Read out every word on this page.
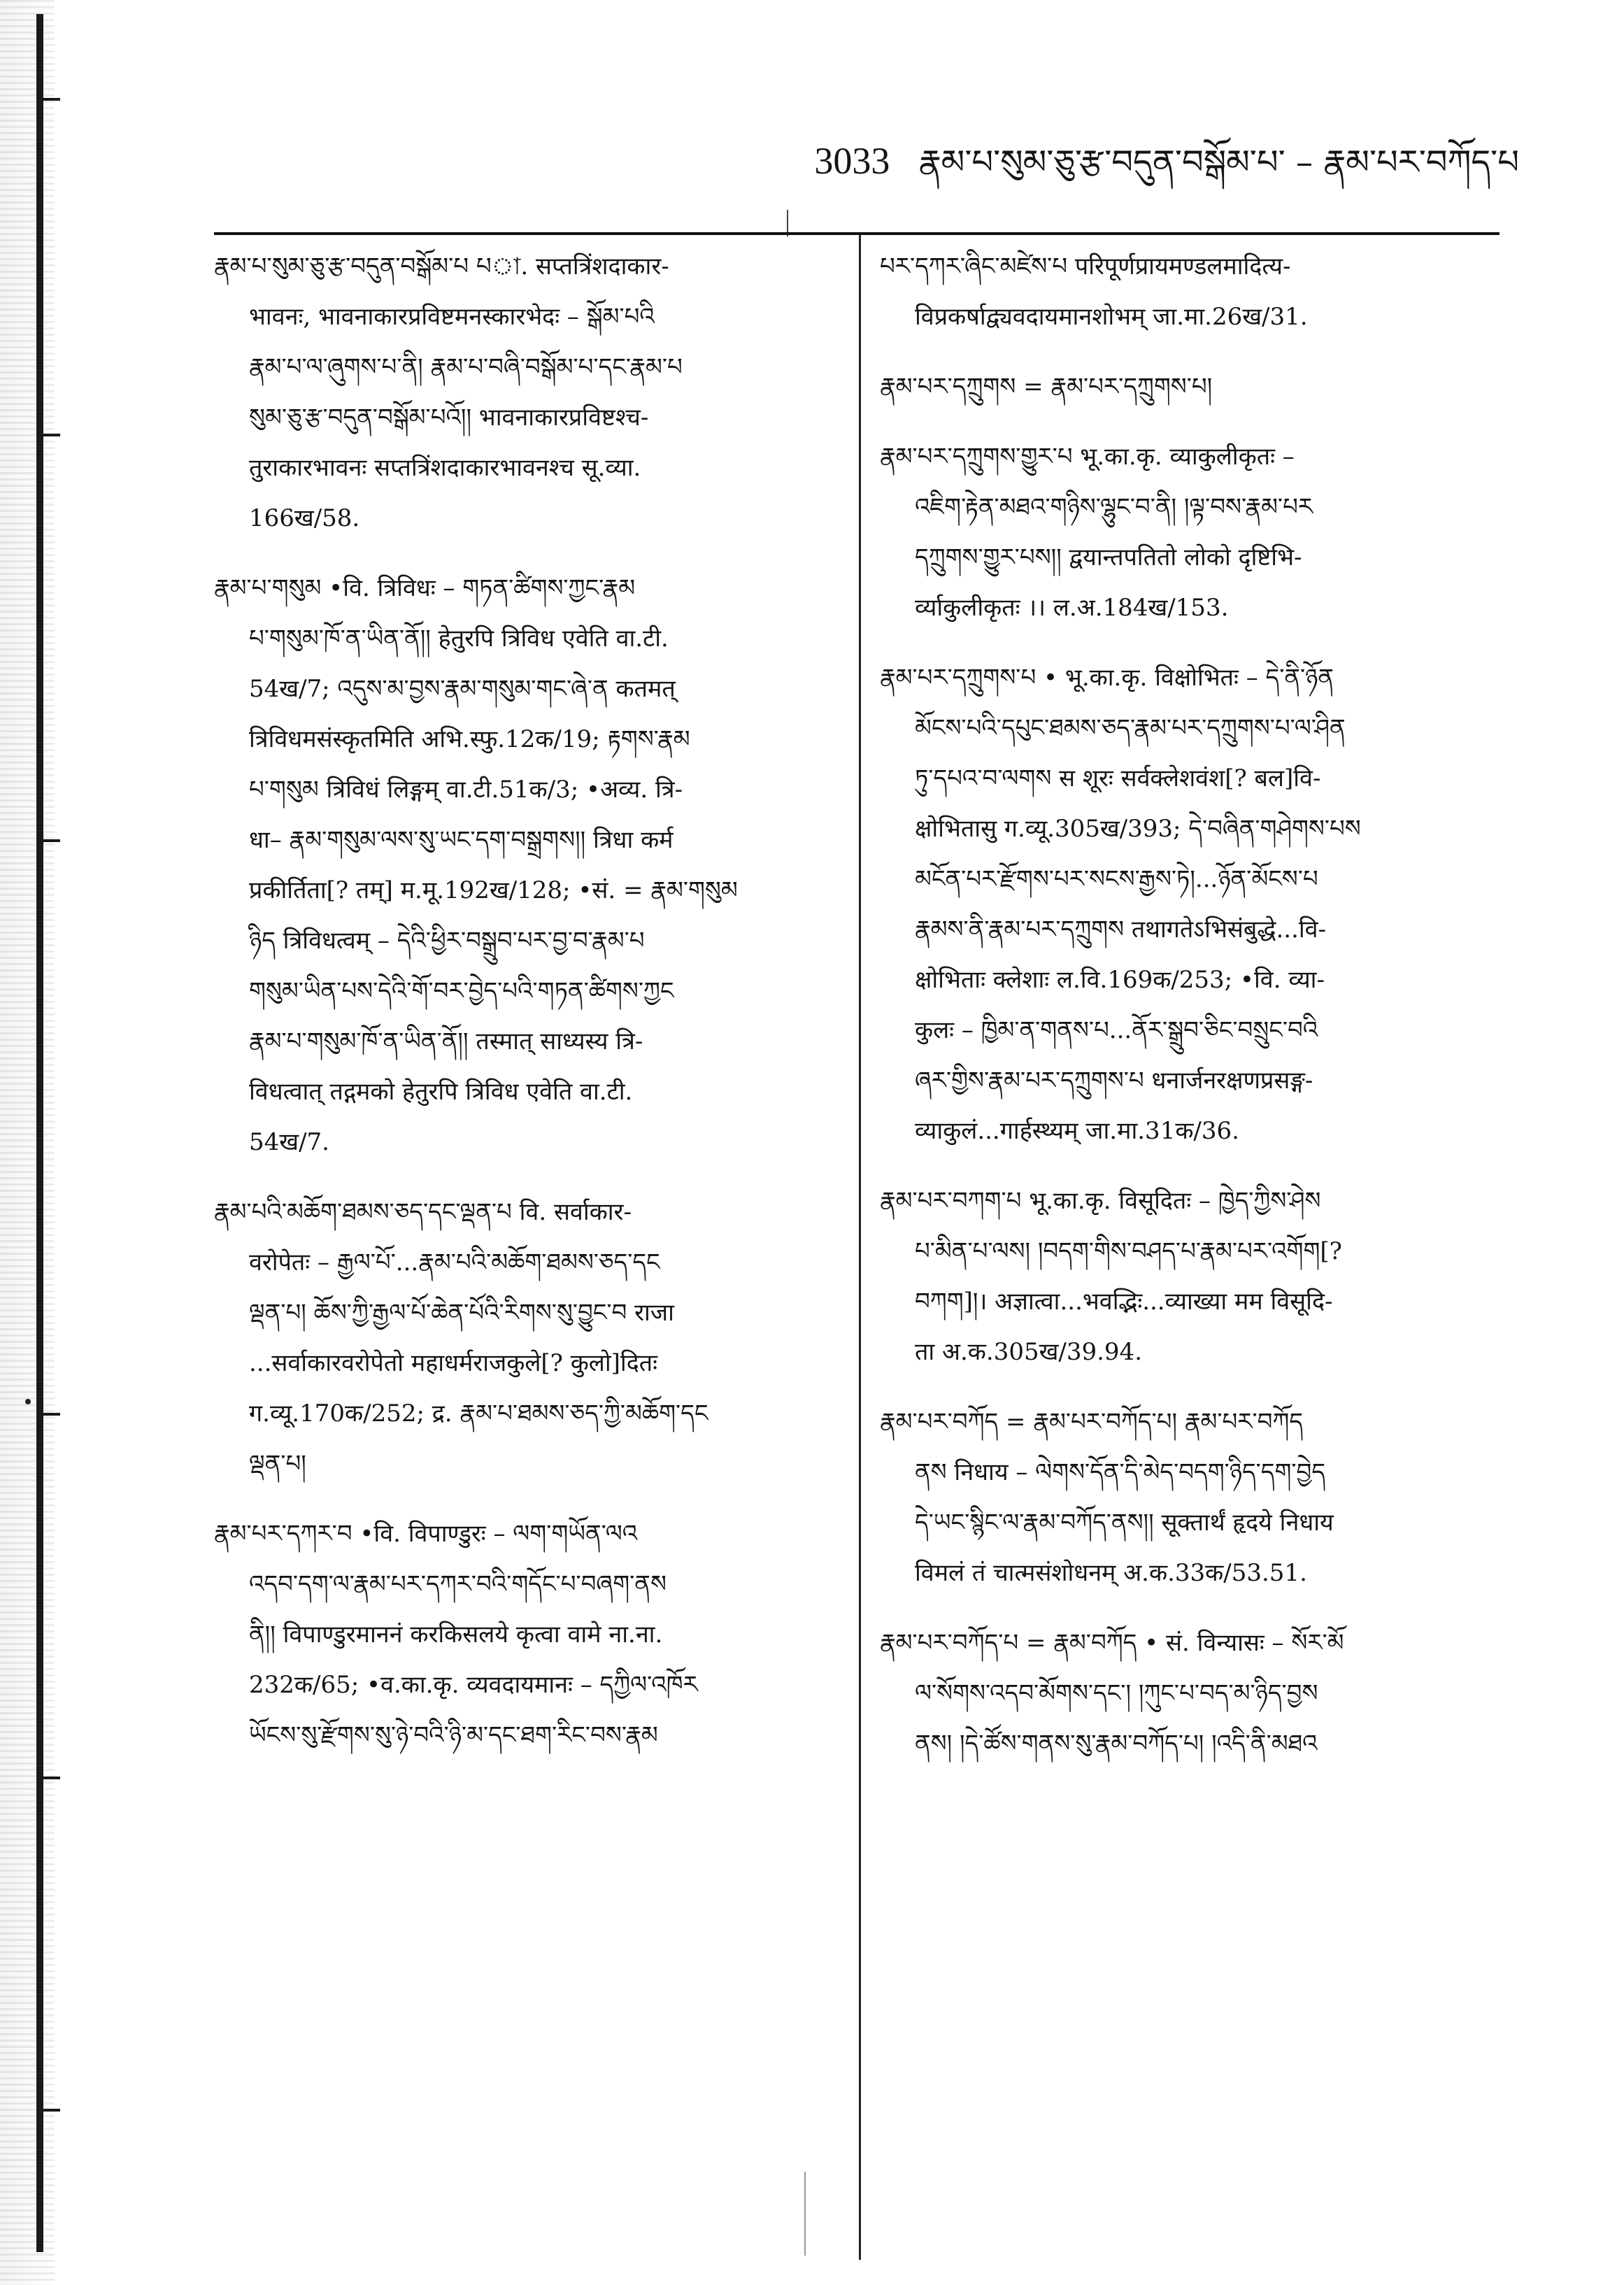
3033 རྣམ་པ་སུམ་ཅུ་རྩ་བདུན་བསྒོམ་པ་ – རྣམ་པར་བཀོད་པ
རྣམ་པ་སུམ་ཅུ་རྩ་བདུན་བསྒོམ་པ པা. सप्तत्रिंशदाकार-
भावनः, भावनाकारप्रविष्टमनस्कारभेदः – སྒོམ་པའི
རྣམ་པ་ལ་ཞུགས་པ་ནི། རྣམ་པ་བཞི་བསྒོམ་པ་དང་རྣམ་པ
སུམ་ཅུ་རྩ་བདུན་བསྒོམ་པའོ།། भावनाकारप्रविष्टश्च-
तुराकारभावनः सप्तत्रिंशदाकारभावनश्च सू.व्या.
166ख/58.
རྣམ་པ་གསུམ •वि. त्रिविधः – གཏན་ཚིགས་ཀྱང་རྣམ
པ་གསུམ་ཁོ་ན་ཡིན་ནོ།། हेतुरपि त्रिविध एवेति वा.टी.
54ख/7; འདུས་མ་བྱས་རྣམ་གསུམ་གང་ཞེ་ན कतमत्
त्रिविधमसंस्कृतमिति अभि.स्फु.12क/19; རྟགས་རྣམ
པ་གསུམ त्रिविधं लिङ्गम् वा.टी.51क/3; •अव्य. त्रि-
धा– རྣམ་གསུམ་ལས་སུ་ཡང་དག་བསྒྲགས།། त्रिधा कर्म
प्रकीर्तिता[? तम्] म.मू.192ख/128; •सं. = རྣམ་གསུམ
ཉིད त्रिविधत्वम् – དེའི་ཕྱིར་བསྒྲུབ་པར་བྱ་བ་རྣམ་པ
གསུམ་ཡིན་པས་དེའི་གོ་བར་བྱེད་པའི་གཏན་ཚིགས་ཀྱང
རྣམ་པ་གསུམ་ཁོ་ན་ཡིན་ནོ།། तस्मात् साध्यस्य त्रि-
विधत्वात् तद्गमको हेतुरपि त्रिविध एवेति वा.टी.
54ख/7.
རྣམ་པའི་མཆོག་ཐམས་ཅད་དང་ལྡན་པ वि. सर्वाकार-
वरोपेतः – རྒྱལ་པོ་...རྣམ་པའི་མཆོག་ཐམས་ཅད་དང
ལྡན་པ། ཆོས་ཀྱི་རྒྱལ་པོ་ཆེན་པོའི་རིགས་སུ་བྱུང་བ राजा
...सर्वाकारवरोपेतो महाधर्मराजकुले[? कुलो]दितः
ग.व्यू.170क/252; द्र. རྣམ་པ་ཐམས་ཅད་ཀྱི་མཆོག་དང
ལྡན་པ།
རྣམ་པར་དཀར་བ •वि. विपाण्डुरः – ལག་གཡོན་ལའ
འདབ་དག་ལ་རྣམ་པར་དཀར་བའི་གདོང་པ་བཞག་ནས
ནི།། विपाण्डुरमाननं करकिसलये कृत्वा वामे ना.ना.
232क/65; •व.का.कृ. व्यवदायमानः – དཀྱིལ་འཁོར
ཡོངས་སུ་རྫོགས་སུ་ཉེ་བའི་ཉི་མ་དང་ཐག་རིང་བས་རྣམ
པར་དཀར་ཞིང་མཛེས་པ परिपूर्णप्रायमण्डलमादित्य-
विप्रकर्षाद्व्यवदायमानशोभम् जा.मा.26ख/31.
རྣམ་པར་དཀྲུགས = རྣམ་པར་དཀྲུགས་པ།
རྣམ་པར་དཀྲུགས་གྱུར་པ भू.का.कृ. व्याकुलीकृतः –
འཇིག་རྟེན་མཐའ་གཉིས་ལྷུང་བ་ནི། །ལྟ་བས་རྣམ་པར
དཀྲུགས་གྱུར་པས།། द्वयान्तपतितो लोको दृष्टिभि-
र्व्याकुलीकृतः ।। ल.अ.184ख/153.
རྣམ་པར་དཀྲུགས་པ • भू.का.कृ. विक्षोभितः – དེ་ནི་ཉོན
མོངས་པའི་དཔུང་ཐམས་ཅད་རྣམ་པར་དཀྲུགས་པ་ལ་ཤིན
ཏུ་དཔའ་བ་ལགས स शूरः सर्वक्लेशवंश[? बल]वि-
क्षोभितासु ग.व्यू.305ख/393; དེ་བཞིན་གཤེགས་པས
མངོན་པར་རྫོགས་པར་སངས་རྒྱས་ཏེ།...ཉོན་མོངས་པ
རྣམས་ནི་རྣམ་པར་དཀྲུགས तथागतेऽभिसंबुद्धे...वि-
क्षोभिताः क्लेशाः ल.वि.169क/253; •वि. व्या-
कुलः – ཁྱིམ་ན་གནས་པ...ནོར་སྒྲུབ་ཅིང་བསྲུང་བའི
ཞར་གྱིས་རྣམ་པར་དཀྲུགས་པ धनार्जनरक्षणप्रसङ्ग-
व्याकुलं...गार्हस्थ्यम् जा.मा.31क/36.
རྣམ་པར་བཀག་པ भू.का.कृ. विसूदितः – ཁྱེད་ཀྱིས་ཤེས
པ་མིན་པ་ལས། །བདག་གིས་བཤད་པ་རྣམ་པར་འགོག[?
བཀག]།। अज्ञात्वा...भवद्भिः...व्याख्या मम विसूदि-
ता अ.क.305ख/39.94.
རྣམ་པར་བཀོད = རྣམ་པར་བཀོད་པ། རྣམ་པར་བཀོད
ནས निधाय – ལེགས་དོན་དི་མེད་བདག་ཉིད་དག་བྱེད
དེ་ཡང་སྙིང་ལ་རྣམ་བཀོད་ནས།། सूक्तार्थं हृदये निधाय
विमलं तं चात्मसंशोधनम् अ.क.33क/53.51.
རྣམ་པར་བཀོད་པ = རྣམ་བཀོད • सं. विन्यासः – སོར་མོ
ལ་སོགས་འདབ་མོགས་དང་། །ཀུང་པ་བད་མ་ཉིད་བྱས
ནས། །དེ་ཚོས་གནས་སུ་རྣམ་བཀོད་པ། །འདི་ནི་མཐའ
